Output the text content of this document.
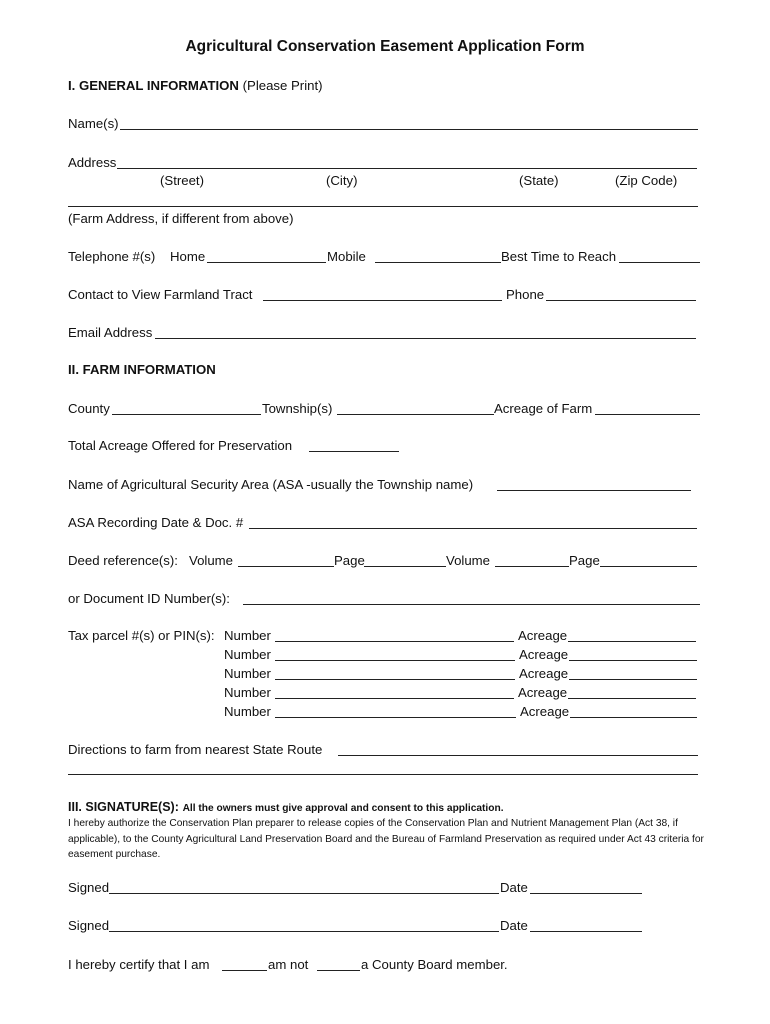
Agricultural Conservation Easement Application Form
I. GENERAL INFORMATION (Please Print)
Name(s)
Address
(Street)	(City)	(State)	(Zip Code)
(Farm Address, if different from above)
Telephone #(s) Home	Mobile	Best Time to Reach
Contact to View Farmland Tract	Phone
Email Address
II. FARM INFORMATION
County	Township(s)	Acreage of Farm
Total Acreage Offered for Preservation
Name of Agricultural Security Area (ASA -usually the Township name)
ASA Recording Date & Doc. #
Deed reference(s): Volume	Page	Volume	Page
or Document ID Number(s):
Tax parcel #(s) or PIN(s): Number	Acreage
Number	Acreage
Number	Acreage
Number	Acreage
Number	Acreage
Directions to farm from nearest State Route
III. SIGNATURE(S): All the owners must give approval and consent to this application.
I hereby authorize the Conservation Plan preparer to release copies of the Conservation Plan and Nutrient Management Plan (Act 38, if applicable), to the County Agricultural Land Preservation Board and the Bureau of Farmland Preservation as required under Act 43 criteria for easement purchase.
Signed	Date
Signed	Date
I hereby certify that I am	am not	a County Board member.
